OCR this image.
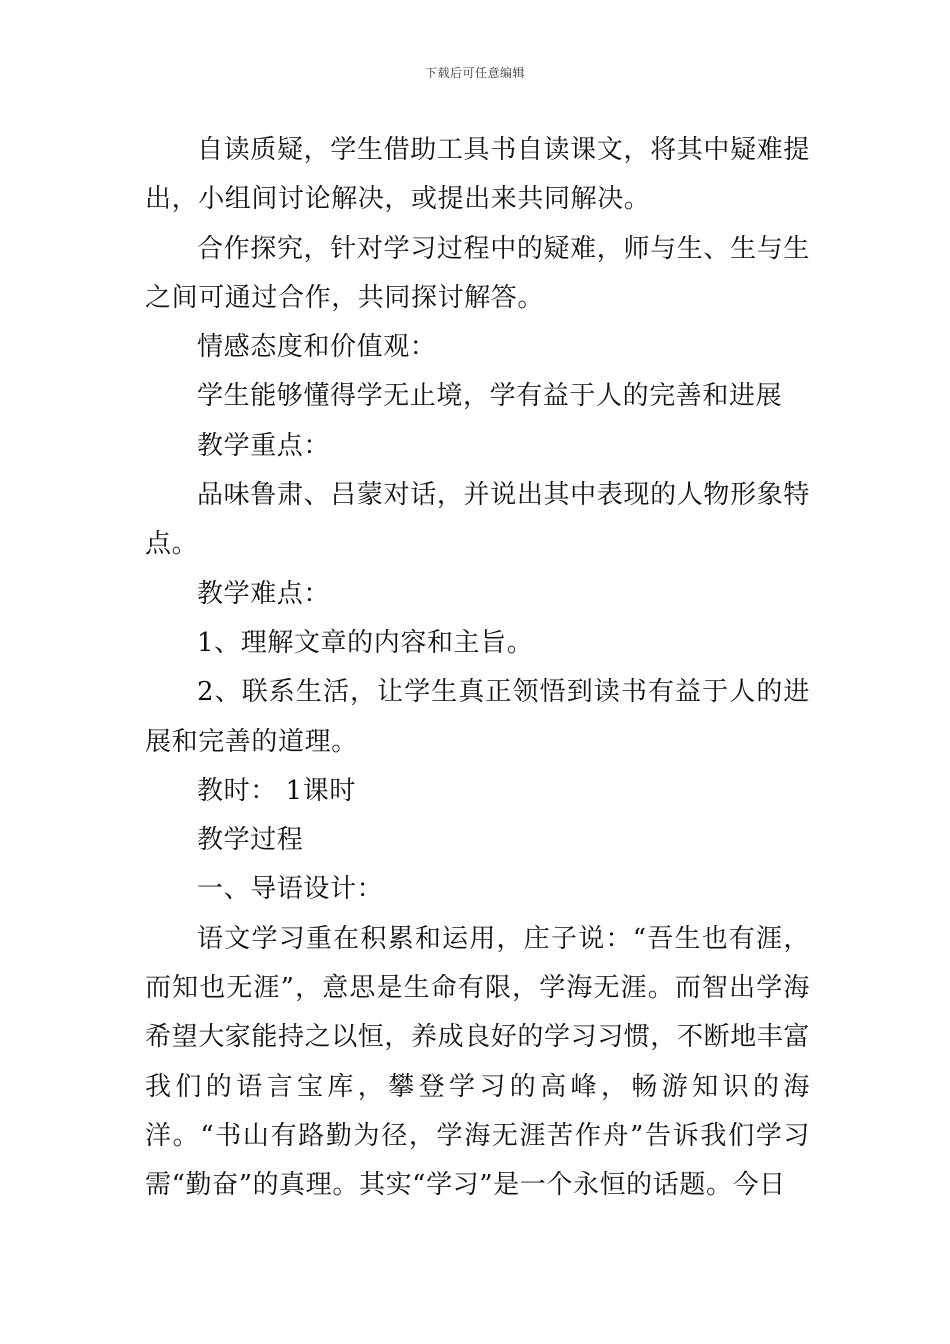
下载后可任意编辑

自读质疑，学生借助工具书自读课文，将其中疑难提出，小组间讨论解决，或提出来共同解决。

合作探究，针对学习过程中的疑难，师与生、生与生之间可通过合作，共同探讨解答。

情感态度和价值观：

学生能够懂得学无止境，学有益于人的完善和进展

教学重点：

品味鲁肃、吕蒙对话，并说出其中表现的人物形象特点。

教学难点：

1、理解文章的内容和主旨。

2、联系生活，让学生真正领悟到读书有益于人的进展和完善的道理。

教时： 1课时

教学过程

一、导语设计：

语文学习重在积累和运用，庄子说：“吾生也有涯，而知也无涯”，意思是生命有限，学海无涯。而智出学海希望大家能持之以恒，养成良好的学习习惯，不断地丰富我们的语言宝库，攀登学习的高峰，畅游知识的海洋。“书山有路勤为径，学海无涯苦作舟”告诉我们学习需“勤奋”的真理。其实“学习”是一个永恒的话题。今日
